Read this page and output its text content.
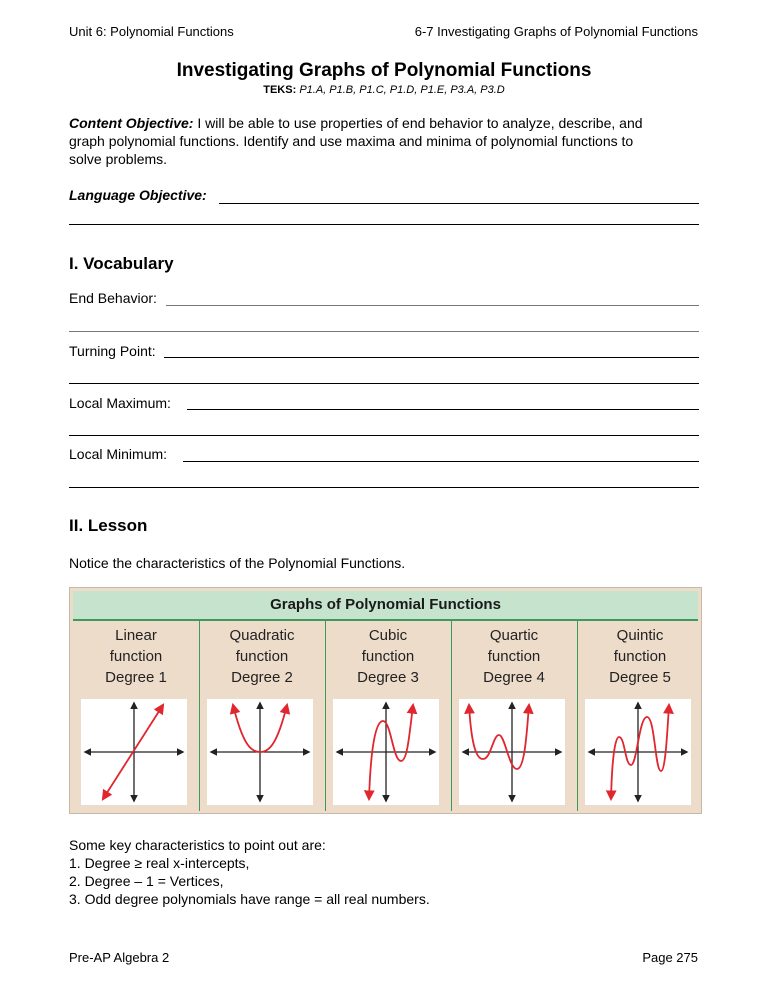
Unit 6: Polynomial Functions	6-7 Investigating Graphs of Polynomial Functions
Investigating Graphs of Polynomial Functions
TEKS: P1.A, P1.B, P1.C, P1.D, P1.E, P3.A, P3.D
Content Objective: I will be able to use properties of end behavior to analyze, describe, and
graph polynomial functions. Identify and use maxima and minima of polynomial functions to
solve problems.
Language Objective:
I. Vocabulary
End Behavior:
Turning Point:
Local Maximum:
Local Minimum:
II. Lesson
Notice the characteristics of the Polynomial Functions.
Graphs of Polynomial Functions
Linear
function
Degree 1
Quadratic
function
Degree 2
Cubic
function
Degree 3
Quartic
function
Degree 4
Quintic
function
Degree 5
Some key characteristics to point out are:
1. Degree ≥ real x-intercepts,
2. Degree – 1 = Vertices,
3. Odd degree polynomials have range = all real numbers.
Pre-AP Algebra 2	Page 275
